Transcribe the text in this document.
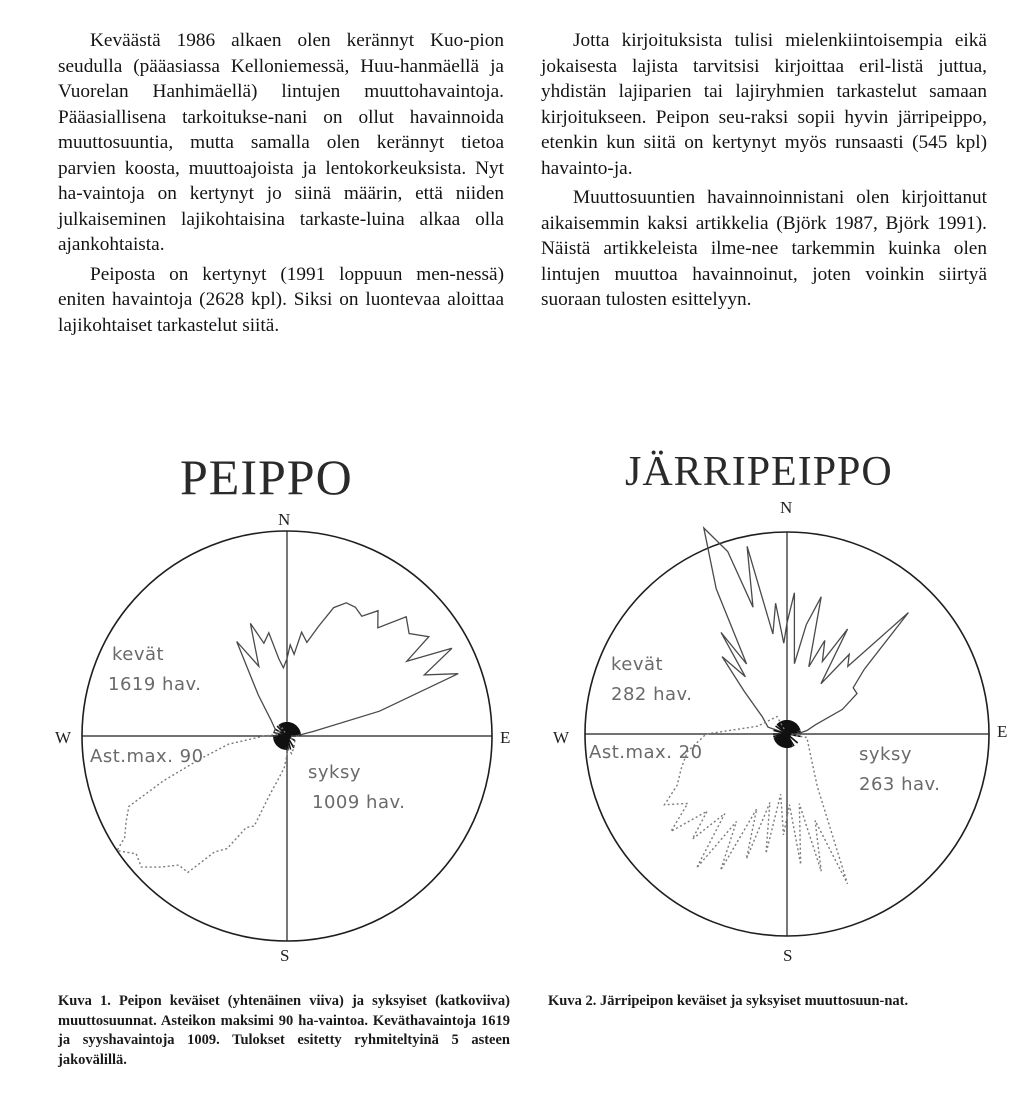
Keväästä 1986 alkaen olen kerännyt Kuo-pion seudulla (pääasiassa Kelloniemessä, Huu-hanmäellä ja Vuorelan Hanhimäellä) lintujen muuttohavaintoja. Pääasiallisena tarkoitukse-nani on ollut havainnoida muuttosuuntia, mutta samalla olen kerännyt tietoa parvien koosta, muuttoajoista ja lentokorkeuksista. Nyt ha-vaintoja on kertynyt jo siinä määrin, että niiden julkaiseminen lajikohtaisina tarkaste-luina alkaa olla ajankohtaista.

Peiposta on kertynyt (1991 loppuun men-nessä) eniten havaintoja (2628 kpl). Siksi on luontevaa aloittaa lajikohtaiset tarkastelut siitä.

Jotta kirjoituksista tulisi mielenkiintoisempia eikä jokaisesta lajista tarvitsisi kirjoittaa eril-listä juttua, yhdistän lajiparien tai lajiryhmien tarkastelut samaan kirjoitukseen. Peipon seu-raksi sopii hyvin järripeippo, etenkin kun siitä on kertynyt myös runsaasti (545 kpl) havainto-ja.

Muuttosuuntien havainnoinnistani olen kirjoittanut aikaisemmin kaksi artikkelia (Björk 1987, Björk 1991). Näistä artikkeleista ilme-nee tarkemmin kuinka olen lintujen muuttoa havainnoinut, joten voinkin siirtyä suoraan tulosten esittelyyn.

PEIPPO
N
S
W	E
kevät
1619 hav.
Ast.max. 90
syksy
1009 hav.
JÄRRIPEIPPO
N
S
W	E
kevät
282 hav.
Ast.max. 20	syksy
263 hav.
Kuva 1. Peipon keväiset (yhtenäinen viiva) ja syksyiset (katkoviiva) muuttosuunnat. Asteikon maksimi 90 ha-vaintoa. Keväthavaintoja 1619 ja syyshavaintoja 1009. Tulokset esitetty ryhmiteltyinä 5 asteen jakovälillä.
Kuva 2. Järripeipon keväiset ja syksyiset muuttosuun-nat.
